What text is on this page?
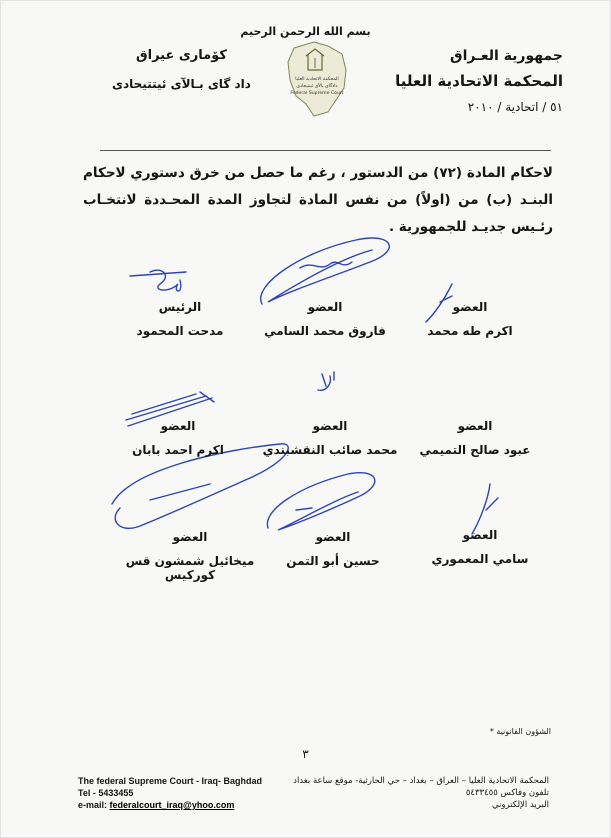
بسم الله الرحمن الرحيم
جمهورية العـراق
المحكمة الاتحادية العليا
٥١ / اتحادية / ٢٠١٠
كۆماری عیراق
داد گای بـالآی ئیتتیحادی	المحكمة الاتحادية العليا
دادگای بالآی ئیتتیحادی
Federal Supreme Court
لاحكام المادة (٧٢) من الدستور ، رغم ما حصل من خرق دستوري لاحكام البنـد (ب) من (اولاً) من نفس المادة لتجاوز المدة المحـددة لانتخـاب رئـيس جديـد للجمهورية .
الرئيس
مدحت المحمود
العضو
فاروق محمد السامي
العضو
اكرم طه محمد
العضو
اكرم احمد بابان
العضو
محمد صائب النقشبندي
العضو
عبود صالح التميمي
العضو
ميخائيل شمشون قس كوركيس
العضو
حسين أبو التمن
العضو
سامي المعموري
الشؤون القانونية *
٣
The federal Supreme Court - Iraq- Baghdad
Tel - 5433455
e-mail: federalcourt_iraq@yhoo.com
المحكمة الاتحادية العليا – العراق – بغداد – حي الحارثية- موقع ساعة بغداد
تلفون وفاكس ٥٤٣٣٤٥٥
البريد الإلكتروني
